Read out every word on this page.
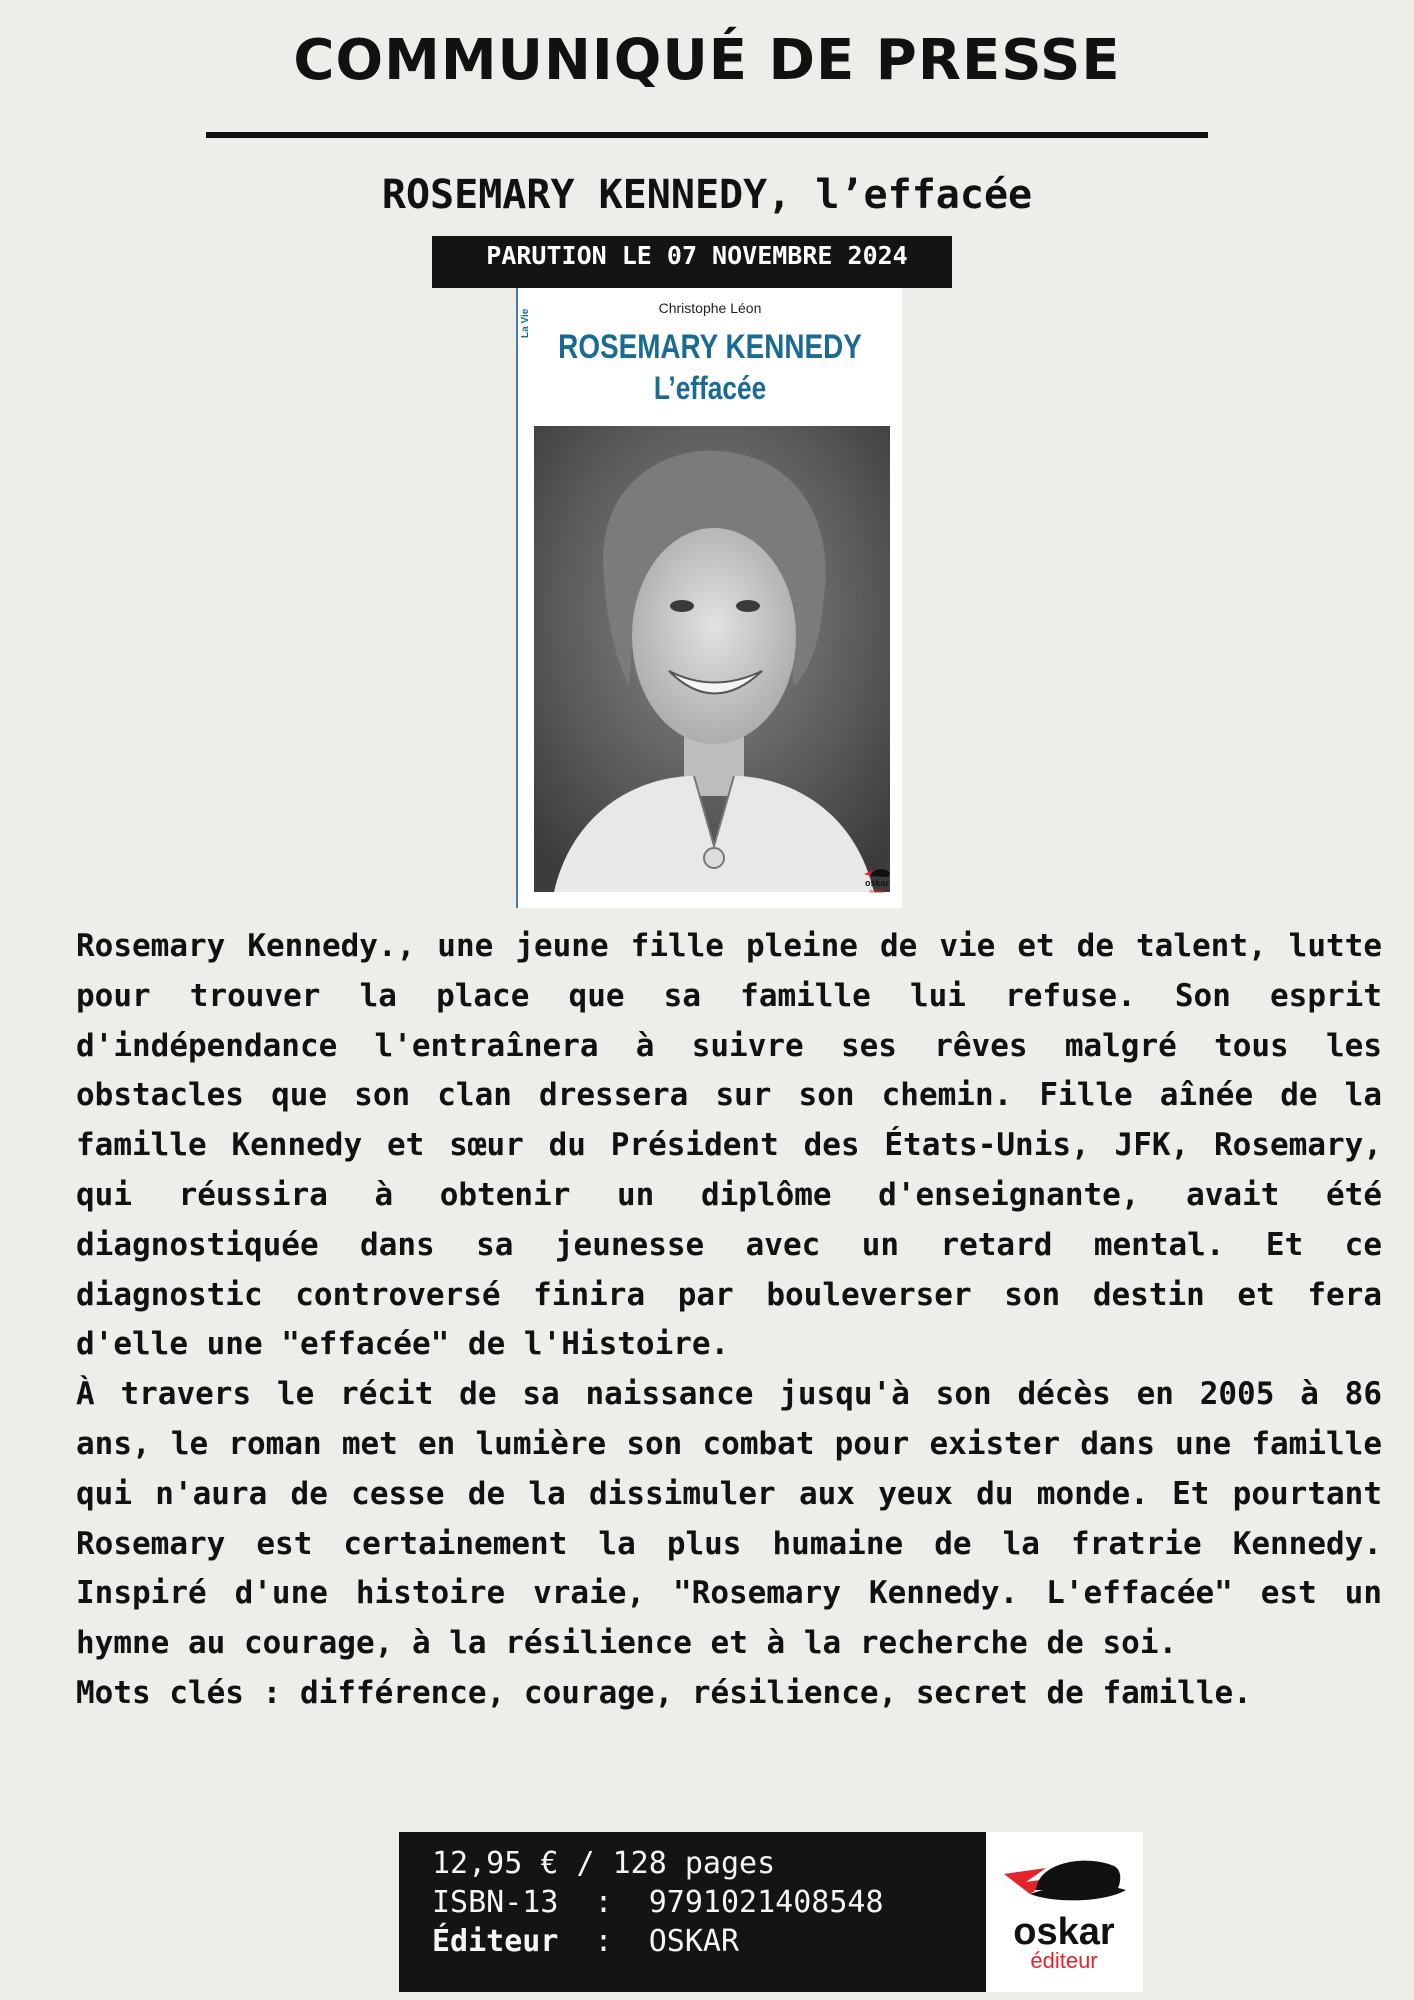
COMMUNIQUÉ DE PRESSE
ROSEMARY KENNEDY, l’effacée
PARUTION LE 07 NOVEMBRE 2024
Christophe Léon
La Vie
ROSEMARY KENNEDY
L’effacée
oskar
éditeur

Rosemary Kennedy., une jeune fille pleine de vie et de talent, lutte pour trouver la place que sa famille lui refuse. Son esprit d'indépendance l'entraînera à suivre ses rêves malgré tous les obstacles que son clan dressera sur son chemin. Fille aînée de la famille Kennedy et sœur du Président des États-Unis, JFK, Rosemary, qui réussira à obtenir un diplôme d'enseignante, avait été diagnostiquée dans sa jeunesse avec un retard mental. Et ce diagnostic controversé finira par bouleverser son destin et fera d'elle une "effacée" de l'Histoire.

À travers le récit de sa naissance jusqu'à son décès en 2005 à 86 ans, le roman met en lumière son combat pour exister dans une famille qui n'aura de cesse de la dissimuler aux yeux du monde. Et pourtant Rosemary est certainement la plus humaine de la fratrie Kennedy. Inspiré d'une histoire vraie, "Rosemary Kennedy. L'effacée" est un hymne au courage, à la résilience et à la recherche de soi.

Mots clés : différence, courage, résilience, secret de famille.

12,95 € / 128 pages
ISBN-13  :  9791021408548
Éditeur  :  OSKAR	oskar
éditeur
